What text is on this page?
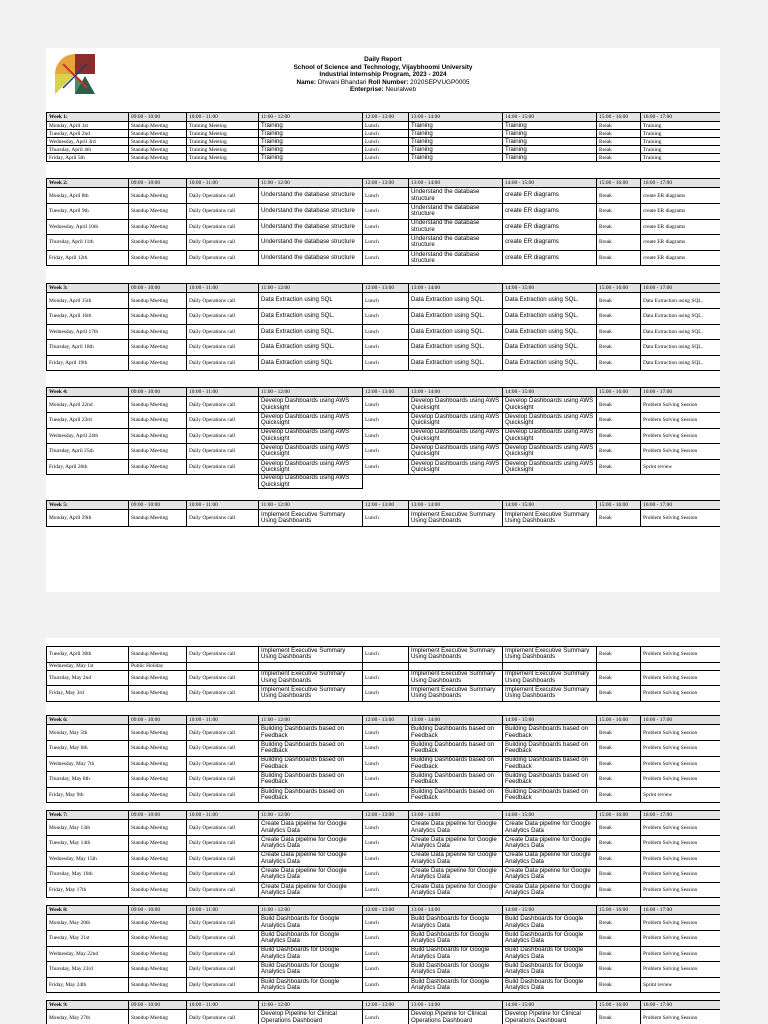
Daily Report
School of Science and Technology, Vijaybhoomi University
Industrial Internship Program, 2023 - 2024
Name: Dhwani Bhandari Roll Number: 2020SEPVUGP0005
Enterprise: Neuralweb
Week 1:	09:00 - 10:00	10:00 - 11:00	11:00 - 12:00	12:00 - 13:00	13:00 - 14:00	14:00 - 15:00	15:00 - 16:00	16:00 - 17:00
Monday, April 1st	Standup Meeting	Training Meeting	Training	Lunch	Training	Training	Break	Training
Tuesday, April 2nd	Standup Meeting	Training Meeting	Training	Lunch	Training	Training	Break	Training
Wednesday, April 3rd	Standup Meeting	Training Meeting	Training	Lunch	Training	Training	Break	Training
Thursday, April 4th	Standup Meeting	Training Meeting	Training	Lunch	Training	Training	Break	Training
Friday, April 5th	Standup Meeting	Training Meeting	Training	Lunch	Training	Training	Break	Training
Week 2:	09:00 - 10:00	10:00 - 11:00	11:00 - 12:00	12:00 - 13:00	13:00 - 14:00	14:00 - 15:00	15:00 - 16:00	16:00 - 17:00
Monday, April 8th	Standup Meeting	Daily Operations call	Understand the database structure	Lunch	Understand the database structure	create ER diagrams	Break	create ER diagrams
Tuesday, April 9th	Standup Meeting	Daily Operations call	Understand the database structure	Lunch	Understand the database structure	create ER diagrams	Break	create ER diagrams
Wednesday, April 10th	Standup Meeting	Daily Operations call	Understand the database structure	Lunch	Understand the database structure	create ER diagrams	Break	create ER diagrams
Thursday, April 11th	Standup Meeting	Daily Operations call	Understand the database structure	Lunch	Understand the database structure	create ER diagrams	Break	create ER diagrams
Friday, April 12th	Standup Meeting	Daily Operations call	Understand the database structure	Lunch	Understand the database structure	create ER diagrams	Break	create ER diagrams
Week 3:	09:00 - 10:00	10:00 - 11:00	11:00 - 12:00	12:00 - 13:00	13:00 - 14:00	14:00 - 15:00	15:00 - 16:00	16:00 - 17:00
Monday, April 15th	Standup Meeting	Daily Operations call	Data Extraction using SQL	Lunch	Data Extraction using SQL.	Data Extraction using SQL.	Break	Data Extraction using SQL.
Tuesday, April 16th	Standup Meeting	Daily Operations call	Data Extraction using SQL.	Lunch	Data Extraction using SQL.	Data Extraction using SQL.	Break	Data Extraction using SQL.
Wednesday, April 17th	Standup Meeting	Daily Operations call	Data Extraction using SQL.	Lunch	Data Extraction using SQL.	Data Extraction using SQL.	Break	Data Extraction using SQL.
Thursday, April 18th	Standup Meeting	Daily Operations call	Data Extraction using SQL.	Lunch	Data Extraction using SQL.	Data Extraction using SQL.	Break	Data Extraction using SQL.
Friday, April 19th	Standup Meeting	Daily Operations call	Data Extraction using SQL	Lunch	Data Extraction using SQL.	Data Extraction using SQL.	Break	Data Extraction using SQL.
Week 4:	09:00 - 10:00	10:00 - 11:00	11:00 - 12:00	12:00 - 13:00	13:00 - 14:00	14:00 - 15:00	15:00 - 16:00	16:00 - 17:00
Monday, April 22nd	Standup Meeting	Daily Operations call	Develop Dashboards using AWS Quicksight	Lunch	Develop Dashboards using AWS Quicksight	Develop Dashboards using AWS Quicksight	Break	Problem Solving Session
Tuesday, April 23rd	Standup Meeting	Daily Operations call	Develop Dashboards using AWS Quicksight	Lunch	Develop Dashboards using AWS Quicksight	Develop Dashboards using AWS Quicksight	Break	Problem Solving Session
Wednesday, April 24th	Standup Meeting	Daily Operations call	Develop Dashboards using AWS Quicksight	Lunch	Develop Dashboards using AWS Quicksight	Develop Dashboards using AWS Quicksight	Break	Problem Solving Session
Thursday, April 25th	Standup Meeting	Daily Operations call	Develop Dashboards using AWS Quicksight	Lunch	Develop Dashboards using AWS Quicksight	Develop Dashboards using AWS Quicksight	Break	Problem Solving Session
Friday, April 26th	Standup Meeting	Daily Operations call	Develop Dashboards using AWS Quicksight	Lunch	Develop Dashboards using AWS Quicksight	Develop Dashboards using AWS Quicksight	Break	Sprint review
			Develop Dashboards using AWS Quicksight					
Week 5:	09:00 - 10:00	10:00 - 11:00	11:00 - 12:00	12:00 - 13:00	13:00 - 14:00	14:00 - 15:00	15:00 - 16:00	16:00 - 17:00
Monday, April 29th	Standup Meeting	Daily Operations call	Implement Executive Summary Using Dashboards	Lunch	Implement Executive Summary Using Dashboards	Implement Executive Summary Using Dashboards	Break	Problem Solving Session
Tuesday, April 30th	Standup Meeting	Daily Operations call	Implement Executive Summary Using Dashboards	Lunch	Implement Executive Summary Using Dashboards	Implement Executive Summary Using Dashboards	Break	Problem Solving Session
Wednesday, May 1st	Public Holiday							
Thursday, May 2nd	Standup Meeting	Daily Operations call	Implement Executive Summary Using Dashboards	Lunch	Implement Executive Summary Using Dashboards	Implement Executive Summary Using Dashboards	Break	Problem Solving Session
Friday, May 3rd	Standup Meeting	Daily Operations call	Implement Executive Summary Using Dashboards	Lunch	Implement Executive Summary Using Dashboards	Implement Executive Summary Using Dashboards	Break	Problem Solving Session
Week 6:	09:00 - 10:00	10:00 - 11:00	11:00 - 12:00	12:00 - 13:00	13:00 - 14:00	14:00 - 15:00	15:00 - 16:00	16:00 - 17:00
Monday, May 5th	Standup Meeting	Daily Operations call	Building Dashboards based on Feedback	Lunch	Building Dashboards based on Feedback	Building Dashboards based on Feedback	Break	Problem Solving Session
Tuesday, May 6th	Standup Meeting	Daily Operations call	Building Dashboards based on Feedback	Lunch	Building Dashboards based on Feedback	Building Dashboards based on Feedback	Break	Problem Solving Session
Wednesday, May 7th	Standup Meeting	Daily Operations call	Building Dashboards based on Feedback	Lunch	Building Dashboards based on Feedback	Building Dashboards based on Feedback	Break	Problem Solving Session
Thursday, May 8th	Standup Meeting	Daily Operations call	Building Dashboards based on Feedback	Lunch	Building Dashboards based on Feedback	Building Dashboards based on Feedback	Break	Problem Solving Session
Friday, May 9th	Standup Meeting	Daily Operations call	Building Dashboards based on Feedback	Lunch	Building Dashboards based on Feedback	Building Dashboards based on Feedback	Break	Sprint review
Week 7:	09:00 - 10:00	10:00 - 11:00	11:00 - 12:00	12:00 - 13:00	13:00 - 14:00	14:00 - 15:00	15:00 - 16:00	16:00 - 17:00
Monday, May 13th	Standup Meeting	Daily Operations call	Create Data pipeline for Google Analytics Data	Lunch	Create Data pipeline for Google Analytics Data	Create Data pipeline for Google Analytics Data	Break	Problem Solving Session
Tuesday, May 14th	Standup Meeting	Daily Operations call	Create Data pipeline for Google Analytics Data	Lunch	Create Data pipeline for Google Analytics Data	Create Data pipeline for Google Analytics Data	Break	Problem Solving Session
Wednesday, May 15th	Standup Meeting	Daily Operations call	Create Data pipeline for Google Analytics Data	Lunch	Create Data pipeline for Google Analytics Data	Create Data pipeline for Google Analytics Data	Break	Problem Solving Session
Thursday, May 16th	Standup Meeting	Daily Operations call	Create Data pipeline for Google Analytics Data	Lunch	Create Data pipeline for Google Analytics Data	Create Data pipeline for Google Analytics Data	Break	Problem Solving Session
Friday, May 17th	Standup Meeting	Daily Operations call	Create Data pipeline for Google Analytics Data	Lunch	Create Data pipeline for Google Analytics Data	Create Data pipeline for Google Analytics Data	Break	Problem Solving Session
Week 8:	09:00 - 10:00	10:00 - 11:00	11:00 - 12:00	12:00 - 13:00	13:00 - 14:00	14:00 - 15:00	15:00 - 16:00	16:00 - 17:00
Monday, May 20th	Standup Meeting	Daily Operations call	Build Dashboards for Google Analytics Data	Lunch	Build Dashboards for Google Analytics Data	Build Dashboards for Google Analytics Data	Break	Problem Solving Session
Tuesday, May 21st	Standup Meeting	Daily Operations call	Build Dashboards for Google Analytics Data	Lunch	Build Dashboards for Google Analytics Data	Build Dashboards for Google Analytics Data	Break	Problem Solving Session
Wednesday, May 22nd	Standup Meeting	Daily Operations call	Build Dashboards for Google Analytics Data	Lunch	Build Dashboards for Google Analytics Data	Build Dashboards for Google Analytics Data	Break	Problem Solving Session
Thursday, May 23rd	Standup Meeting	Daily Operations call	Build Dashboards for Google Analytics Data	Lunch	Build Dashboards for Google Analytics Data	Build Dashboards for Google Analytics Data	Break	Problem Solving Session
Friday, May 24th	Standup Meeting	Daily Operations call	Build Dashboards for Google Analytics Data	Lunch	Build Dashboards for Google Analytics Data	Build Dashboards for Google Analytics Data	Break	Sprint review
Week 9:	09:00 - 10:00	10:00 - 11:00	11:00 - 12:00	12:00 - 13:00	13:00 - 14:00	14:00 - 15:00	15:00 - 16:00	16:00 - 17:00
Monday, May 27th	Standup Meeting	Daily Operations call	Develop Pipeline for Clinical Operations Dashboard	Lunch	Develop Pipeline for Clinical Operations Dashboard	Develop Pipeline for Clinical Operations Dashboard	Break	Problem Solving Session
